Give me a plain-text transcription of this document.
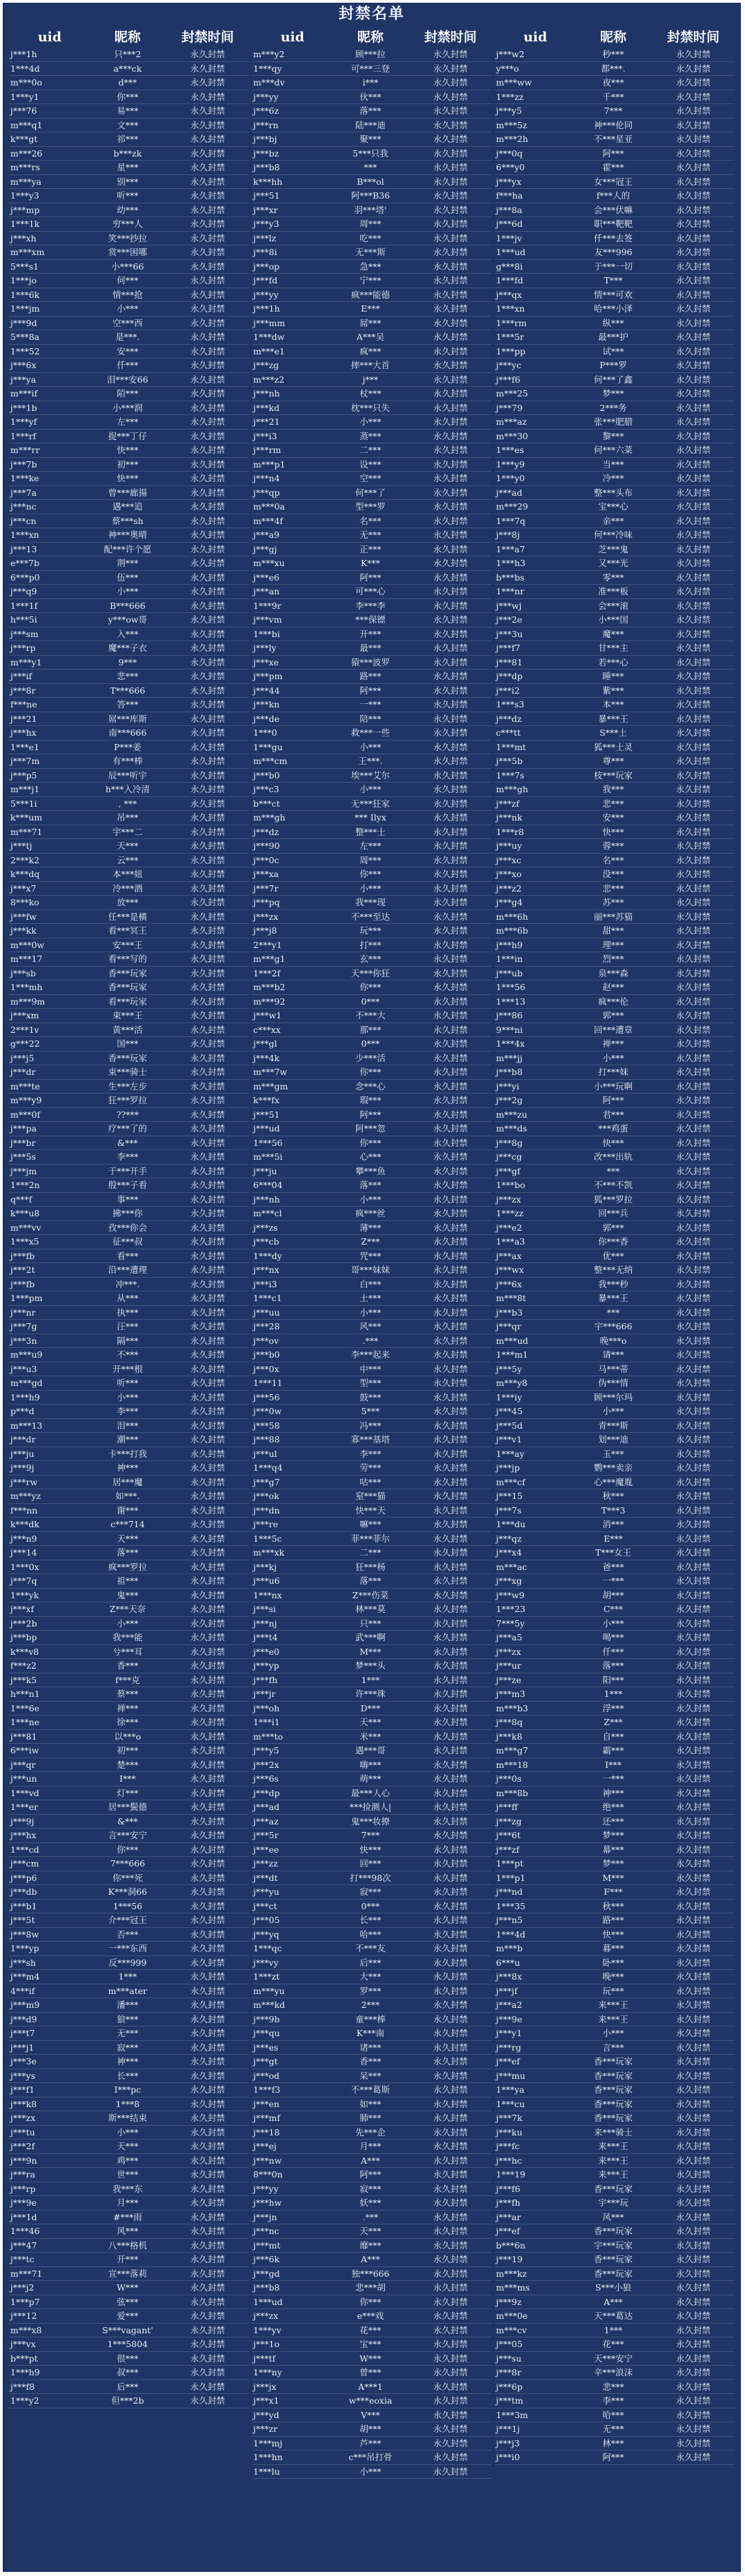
封禁名单
uid	昵称	封禁时间
j***1h	只***2	永久封禁
1***4d	a***ck	永久封禁
m***0o	d***	永久封禁
1***y1	你***	永久封禁
j***76	易***	永久封禁
m***q1	文***	永久封禁
k***gt	祁***	永久封禁
m***26	b***zk	永久封禁
m***rs	星***	永久封禁
m***ya	别***	永久封禁
1***y3	听***	永久封禁
j***mp	幼***	永久封禁
1***1k	穷***人	永久封禁
j***xh	笑***抄拉	永久封禁
m***xm	赏***困哪	永久封禁
5***s1	小***66	永久封禁
1***jo	何***	永久封禁
1***6k	情***抢	永久封禁
1***jm	小***	永久封禁
j***9d	空***西	永久封禁
5***8a	是***.	永久封禁
1***52	安***	永久封禁
j***6x	仟***	永久封禁
j***ya	泪***安66	永久封禁
m***if	陌***	永久封禁
j***1b	小***润	永久封禁
1***yf	左***	永久封禁
1***rf	捉***丁仔	永久封禁
m***rr	快***	永久封禁
j***7b	初***	永久封禁
1***ke	快***	永久封禁
j***7a	曾***廊揚	永久封禁
j***nc	遇***追	永久封禁
j***cn	蔡***sh	永久封禁
1***xn	神***奥晴	永久封禁
j***13	配***许个愿	永久封禁
e***7b	荆***	永久封禁
6***p0	伍***	永久封禁
j***q9	小***	永久封禁
1***1f	B***666	永久封禁
h***5i	y***ow哥	永久封禁
j***sm	入***	永久封禁
j***rp	魔***子衣	永久封禁
m***y1	9***	永久封禁
j***if	悲***	永久封禁
j***8r	T***666	永久封禁
f***ne	答***	永久封禁
j***21	屌***库斯	永久封禁
j***hx	南***666	永久封禁
1***e1	P***姜	永久封禁
j***7m	有***棒	永久封禁
j***p5	辰***听宇	永久封禁
m***j1	h***入冷清	永久封禁
5***1i	, ***	永久封禁
k***um	吊***	永久封禁
m***71	宇***二	永久封禁
j***tj	天***	永久封禁
2***k2	云***	永久封禁
k***dq	本***妞	永久封禁
j***x7	冷***酒	永久封禁
8***ko	放***	永久封禁
j***fw	任***是横	永久封禁
j***kk	看***冥王	永久封禁
m***0w	安***王	永久封禁
m***17	看***写的	永久封禁
j***sb	香***玩家	永久封禁
1***mh	香***玩家	永久封禁
m***9m	看***玩家	永久封禁
j***xm	束***王	永久封禁
2***1v	黄***活	永久封禁
g***22	国***	永久封禁
j***j5	香***玩家	永久封禁
j***dr	束***骑士	永久封禁
m***te	生***左步	永久封禁
m***y9	狂***罗拉	永久封禁
m***0f	??***	永久封禁
j***pa	疗***了的	永久封禁
j***br	&***	永久封禁
j***5s	李***	永久封禁
j***jm	于***开手	永久封禁
1***2n	殷***子看	永久封禁
q***f	事***	永久封禁
k***u8	拂***你	永久封禁
m***vv	孜***你会	永久封禁
1***x5	征***叔	永久封禁
j***fb	看***	永久封禁
j***2t	沿***遭理	永久封禁
j***fb	冲***.	永久封禁
1***pm	从***	永久封禁
j***nr	执***	永久封禁
j***7g	汪***	永久封禁
j***3n	隔***	永久封禁
m***u9	不***	永久封禁
j***u3	开***根	永久封禁
m***gd	听***	永久封禁
1***h9	小***	永久封禁
p***d	李***	永久封禁
m***13	泪***	永久封禁
j***dr	潮***	永久封禁
j***ju	卡***打我	永久封禁
j***9j	神***	永久封禁
j***rw	居***魔	永久封禁
m***yz	如***.	永久封禁
f***nn	谢***	永久封禁
k***dk	c***714	永久封禁
j***n9	天***	永久封禁
j***14	落***	永久封禁
1***0x	疯***罗拉	永久封禁
j***7q	祖***	永久封禁
1***yk	鬼***	永久封禁
j***xf	Z***天奈	永久封禁
j***2b	小***	永久封禁
j***bp	我***能	永久封禁
k***v8	兮***耳	永久封禁
f***z2	香***	永久封禁
j***k5	f***克	永久封禁
h***n1	蔡***	永久封禁
1***6e	禅***	永久封禁
1***ne	徐***	永久封禁
j***81	以***o	永久封禁
6***iw	初***	永久封禁
j***qr	楚***	永久封禁
j***un	I***	永久封禁
1***vd	灯***	永久封禁
1***er	居***鬓德	永久封禁
j***9j	&***	永久封禁
j***hx	言***安宁	永久封禁
1***cd	你***	永久封禁
j***cm	7***666	永久封禁
j***p6	你***死	永久封禁
j***db	K***洞66	永久封禁
j***b1	1***56	永久封禁
j***5t	介***冠王	永久封禁
j***8w	否***	永久封禁
1***yp	一***东西	永久封禁
j***sh	反***999	永久封禁
j***m4	1***	永久封禁
4***if	m***ater	永久封禁
j***m9	潘***	永久封禁
j***d9	狼***	永久封禁
j***t7	无***	永久封禁
j***j1	寂***	永久封禁
j***3e	神***	永久封禁
j***ys	长***	永久封禁
j***f1	I***pc	永久封禁
j***k8	1***8	永久封禁
j***zx	斯***结束	永久封禁
j***tu	小***	永久封禁
j***2f	天***	永久封禁
j***9n	鸡***	永久封禁
j***ra	世***	永久封禁
j***rp	我***东	永久封禁
j***9e	月***	永久封禁
j***1d	#***雨	永久封禁
1***46	风***	永久封禁
j***47	八***格机	永久封禁
j***tc	开***	永久封禁
m***71	宣***落莉	永久封禁
j***j2	W***	永久封禁
1***p7	弦***	永久封禁
j***12	爱***	永久封禁
m***x8	S***vagant'	永久封禁
j***vx	1***5804	永久封禁
b***pt	很***	永久封禁
1***h9	叔***	永久封禁
j***f8	后***	永久封禁
1***y2	但***2b	永久封禁
uid	昵称	封禁时间
m***y2	顾***拉	永久封禁
1***qy	可***三登	永久封禁
m***dv	i***	永久封禁
j***yy	伙***	永久封禁
j***6z	落***	永久封禁
j***rn	陆***迪	永久封禁
j***bj	聚***	永久封禁
j***bz	5***只我	永久封禁
j***b8	***	永久封禁
k***hh	B***ol	永久封禁
j***51	阿***B36	永久封禁
j***xr	羽***塔'	永久封禁
j***y3	周***	永久封禁
j***lz	吃***	永久封禁
j***8i	无***斯	永久封禁
j***op	急***	永久封禁
j***fd	宁***	永久封禁
j***yy	疯***能德	永久封禁
j***1h	E***	永久封禁
j***mm	屌***	永久封禁
1***dw	A***吴	永久封禁
m***e1	疯***	永久封禁
j***zg	摔***大首	永久封禁
m***z2	j***	永久封禁
j***nh	杖***	永久封禁
j***kd	枕***只失	永久封禁
j***21	小***	永久封禁
j***i3	蒸***	永久封禁
j***rm	二***	永久封禁
m***p1	设***	永久封禁
j***n4	空***	永久封禁
j***qp	何***了	永久封禁
m***0a	型***罗	永久封禁
m***4f	名***	永久封禁
j***a9	无***	永久封禁
j***gj	正***	永久封禁
m***xu	K***	永久封禁
j***e6	阿***	永久封禁
j***an	可***心	永久封禁
1***9r	李***李	永久封禁
j***vm	***保镖	永久封禁
1***bi	开***	永久封禁
j***ly	最***	永久封禁
j***xe	猿***波罗	永久封禁
j***pm	路***	永久封禁
j***44	阿***	永久封禁
j***kn	一***	永久封禁
j***de	陪***	永久封禁
1***0	救***一些	永久封禁
1***gu	小***	永久封禁
m***cm	王***.	永久封禁
j***b0	埃***艾尔	永久封禁
j***c3	小***	永久封禁
b***ct	无***狂家	永久封禁
m***gh	*** Ilyx	永久封禁
j***dz	整***士	永久封禁
j***90	左***	永久封禁
j***0c	周***	永久封禁
j***xa	你***	永久封禁
j***7r	小***	永久封禁
j***pq	我***现	永久封禁
j***zx	不***至达	永久封禁
j***j8	玩***	永久封禁
2***y1	打***	永久封禁
m***g1	玄***	永久封禁
1***2f	天***你狂	永久封禁
m***b2	你***	永久封禁
m***92	0***	永久封禁
j***w1	不***大	永久封禁
c***xx	那***	永久封禁
j***gl	0***	永久封禁
j***4k	少***活	永久封禁
m***7w	你***	永久封禁
m***gm	念***心	永久封禁
k***fx	瑕***	永久封禁
j***51	阿***	永久封禁
j***ud	阿***忽	永久封禁
1***56	你***	永久封禁
m***5i	心***	永久封禁
j***ju	攀***鱼	永久封禁
6***04	落***	永久封禁
j***nh	小***	永久封禁
m***cl	疯***丝	永久封禁
j***zs	薄***	永久封禁
j***cb	Z***	永久封禁
1***dy	咒***	永久封禁
j***nx	哥***妹妹	永久封禁
j***i3	白***	永久封禁
1***c1	土***	永久封禁
j***uu	小***	永久封禁
j***28	风***	永久封禁
j***ov	.***	永久封禁
j***b0	李***起来	永久封禁
j***0x	中***	永久封禁
1***11	型***	永久封禁
j***56	鼓***	永久封禁
j***0w	5***	永久封禁
j***58	冯***	永久封禁
j***88	寡***基塔	永久封禁
j***ul	李***	永久封禁
1***q4	劳***	永久封禁
j***g7	咕***	永久封禁
j***ok	窒***猫	永久封禁
j***dn	快***天	永久封禁
j***re	嘛***	永久封禁
1***5c	菲***菲尔	永久封禁
m***xk	二***	永久封禁
j***kj	狂***杨	永久封禁
j***u6	落***	永久封禁
1***nx	Z***伤菜	永久封禁
j***si	林***莫	永久封禁
j***nj	只***	永久封禁
j***t4	武***啊	永久封禁
j***e0	M***	永久封禁
j***yp	梦***头	永久封禁
j***fh	1***	永久封禁
j***jr	许***珠	永久封禁
j***oh	D***	永久封禁
1***i1	天***	永久封禁
m***to	米***	永久封禁
j***y5	遇***哥	永久封禁
j***2x	嗨***	永久封禁
j***6s	萌***	永久封禁
j***dp	最***人心	永久封禁
j***ad	***捡测人|	永久封禁
j***az	鬼***妆撩	永久封禁
j***5r	7***	永久封禁
j***ee	快***	永久封禁
j***zz	回***	永久封禁
j***dt	打***98次	永久封禁
j***yu	寂***	永久封禁
j***ct	0***	永久封禁
j***05	长***	永久封禁
j***yq	哈***	永久封禁
1***qc	不***友	永久封禁
j***vy	后***	永久封禁
1***zt	大***	永久封禁
m***yu	罗***	永久封禁
m***kd	2***	永久封禁
j***9b	童***棒	永久封禁
j***qu	K***南	永久封禁
j***es	诸***	永久封禁
j***gt	香***	永久封禁
j***od	呆***	永久封禁
1***f3	不***葛斯	永久封禁
j***en	如***	永久封禁
j***mf	肺***	永久封禁
j***18	先***企	永久封禁
j***ej	月***	永久封禁
j***nw	A***	永久封禁
8***0n	阿***	永久封禁
j***yy	寂***	永久封禁
j***hw	妖***	永久封禁
j***jn	.***	永久封禁
j***nc	天***	永久封禁
j***mt	靡***	永久封禁
j***6k	A***	永久封禁
j***gd	独***666	永久封禁
j***b8	悲***胡	永久封禁
1***ud	你***	永久封禁
j***zx	e***戏	永久封禁
1***yv	花***	永久封禁
j***1o	宝***	永久封禁
j***tf	W***	永久封禁
1***ny	曾***	永久封禁
j***jx	A***1	永久封禁
j***x1	w***eoxia	永久封禁
j***yd	V***	永久封禁
j***zr	胡***	永久封禁
1***mj	芦***	永久封禁
1***hn	c***吊打骨	永久封禁
1***lu	小***	永久封禁
uid	昵称	封禁时间
j***w2	秒***	永久封禁
y***o	都***.	永久封禁
m***ww	夜***	永久封禁
1***zz	千***	永久封禁
j***y5	7***	永久封禁
m***5z	神***伦同	永久封禁
m***2h	不***星亚	永久封禁
j***0q	阿***	永久封禁
6***y0	霍***	永久封禁
j***yx	女***冠王	永久封禁
f***ha	f***人的	永久封禁
j***8a	会***伏嘛	永久封禁
j***6d	职***靶靶	永久封禁
1***jv	仟***去签	永久封禁
1***ud	友***996	永久封禁
g***8i	于***一切	永久封禁
1***fd	T***	永久封禁
j***qx	情***可欢	永久封禁
1***xn	哈***小泽	永久封禁
1***rm	纵***	永久封禁
1***5r	最***护	永久封禁
1***pp	试***	永久封禁
j***yc	P***罗	永久封禁
j***f6	何***了鑫	永久封禁
m***25	梦***	永久封禁
j***79	2***务	永久封禁
m***az	张***肥腊	永久封禁
m***30	黎***	永久封禁
1***es	何***六菜	永久封禁
1***y9	当***	永久封禁
1***y0	冷***	永久封禁
j***ad	整***头布	永久封禁
m***29	宝***心	永久封禁
1***7q	亲***	永久封禁
j***8j	何***冷味	永久封禁
1***a7	芝***鬼	永久封禁
1***h3	又***光	永久封禁
b***bs	零***	永久封禁
1***nr	准***板	永久封禁
j***wj	会***滚	永久封禁
j***2e	小***国	永久封禁
j***3u	魔***	永久封禁
j***f7	甘***主	永久封禁
j***81	若***心	永久封禁
j***dp	睡***	永久封禁
j***i2	紫***	永久封禁
1***s3	本***	永久封禁
j***dz	暴***王	永久封禁
c***tt	S***土	永久封禁
1***mt	狐***土灵	永久封禁
j***5b	尊***	永久封禁
1***7s	枝***玩家	永久封禁
m***gh	我***	永久封禁
j***zf	悲***	永久封禁
j***nk	安***	永久封禁
1***r8	快***	永久封禁
j***uy	蓉***	永久封禁
j***xc	名***	永久封禁
j***xo	没***	永久封禁
j***z2	悲***	永久封禁
j***g4	苏***	永久封禁
m***6h	丽***苏猫	永久封禁
m***6b	甜***	永久封禁
j***h9	理***	永久封禁
1***in	烈***	永久封禁
j***ub	泉***森	永久封禁
1***56	赵***	永久封禁
1***13	疯***伦	永久封禁
j***86	郭***	永久封禁
9***ni	回***遭章	永久封禁
1***4x	禅***	永久封禁
m***jj	小***	永久封禁
j***b8	打***妹	永久封禁
j***yi	小***玩啊	永久封禁
j***2g	阿***	永久封禁
m***zu	君***	永久封禁
m***ds	***鸡蛋	永久封禁
j***8g	快***	永久封禁
j***cg	改***出轨	永久封禁
j***gf	***	永久封禁
1***bo	不***不凯	永久封禁
j***zx	狐***罗拉	永久封禁
1***zz	回***兵	永久封禁
j***e2	郭***	永久封禁
1***a3	你***香	永久封禁
j***ax	优***	永久封禁
j***wx	整***无纳	永久封禁
j***6x	我***秒	永久封禁
m***8t	暴***王	永久封禁
j***b3	***	永久封禁
j***qr	宇***666	永久封禁
m***ud	晚***o	永久封禁
1***m1	请***	永久封禁
j***5y	马***蒂	永久封禁
m***y8	伪***情	永久封禁
1***iy	顾***尔玛	永久封禁
j***45	小***	永久封禁
j***5d	青***斯	永久封禁
j***v1	划***迪	永久封禁
1***ay	玉***	永久封禁
j***jp	鹦***卖亲	永久封禁
m***cf	心***魔胤	永久封禁
j***15	秋***	永久封禁
j***7s	T***3	永久封禁
1***du	消***	永久封禁
j***qz	E***	永久封禁
j***x4	T***女王	永久封禁
m***ac	爸***	永久封禁
j***xg	一***	永久封禁
j***w9	胡***	永久封禁
1***23	C***	永久封禁
7***5y	小***	永久封禁
j***a5	喝***	永久封禁
j***zx	仟***	永久封禁
j***ur	落***	永久封禁
j***ze	阳***	永久封禁
j***m3	1***	永久封禁
m***b3	浮***	永久封禁
j***8q	Z***	永久封禁
j***k8	自***	永久封禁
m***g7	霸***	永久封禁
m***18	I***	永久封禁
j***0s	一***	永久封禁
m***8b	神***	永久封禁
j***ff	绝***	永久封禁
j***zg	还***	永久封禁
j***6t	梦***	永久封禁
j***zf	幕***	永久封禁
1***pt	梦***	永久封禁
1***p1	M***	永久封禁
j***nd	F***	永久封禁
1***35	秋***	永久封禁
j***n5	路***	永久封禁
1***4d	快***	永久封禁
m***b	暮***	永久封禁
6***u	卧***	永久封禁
j***8x	晚***	永久封禁
j***jf	玩***	永久封禁
j***a2	来***王	永久封禁
j***9e	来***王	永久封禁
j***y1	小***	永久封禁
j***rg	言***	永久封禁
j***ef	香***玩家	永久封禁
j***mu	香***玩家	永久封禁
1***ya	香***玩家	永久封禁
1***cu	香***玩家	永久封禁
j***7k	香***玩家	永久封禁
j***ku	来***骑士	永久封禁
j***fc	来***王	永久封禁
j***hc	来***王	永久封禁
1***19	来***王	永久封禁
j***f6	香***玩家	永久封禁
j***fh	宇***玩	永久封禁
j***ar	风***	永久封禁
j***ef	香***玩家	永久封禁
b***6n	宇***玩家	永久封禁
j***19	香***玩家	永久封禁
m***kz	香***玩家	永久封禁
m***ms	S***小狼	永久封禁
j***9z	A***	永久封禁
m***0e	天***葛达	永久封禁
m***cv	1***	永久封禁
j***05	花***	永久封禁
j***su	天***安宁	永久封禁
j***8r	辛***浪沫	永久封禁
j***6p	悲***	永久封禁
j***tm	李***	永久封禁
1***3m	哈***	永久封禁
j***1j	无***	永久封禁
j***j3	林***	永久封禁
j***i0	阿***	永久封禁
